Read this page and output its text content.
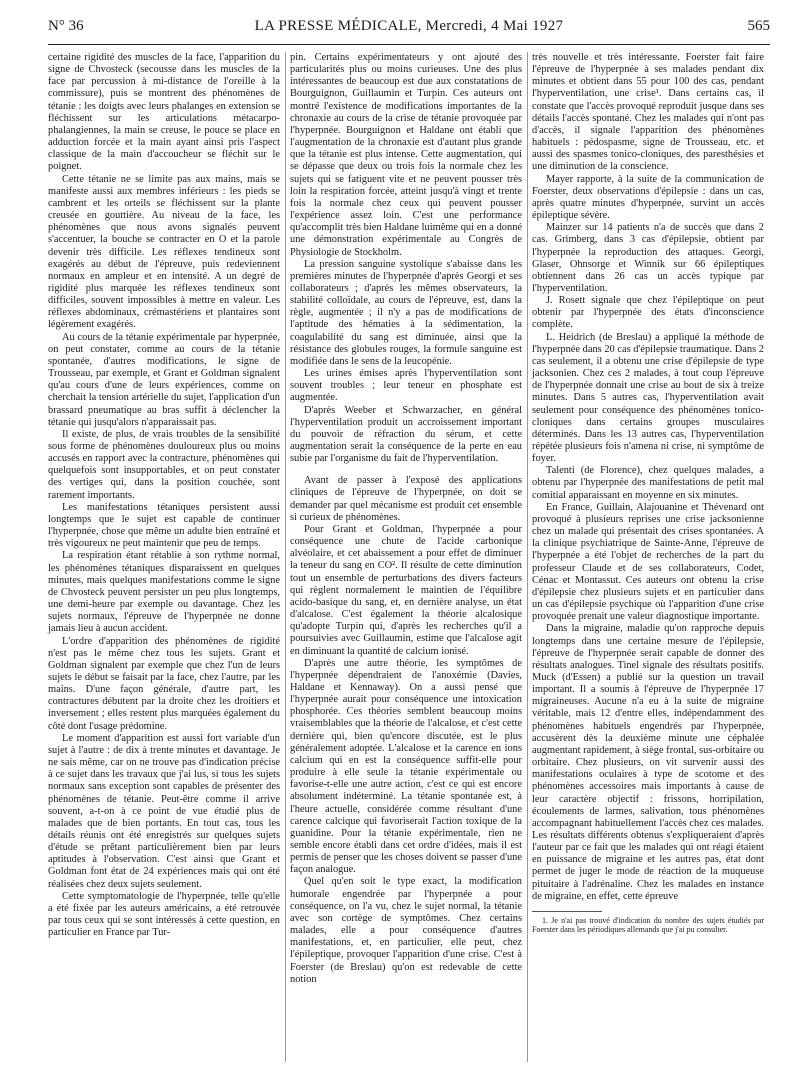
LA PRESSE MÉDICALE, Mercredi, 4 Mai 1927
N° 36	565

certaine rigidité des muscles de la face, l'apparition du signe de Chvosteck (secousse dans les muscles de la face par percussion à mi-distance de l'oreille à la commissure), puis se montrent des phénomènes de tétanie : les doigts avec leurs phalanges en extension se fléchissent sur les articulations métacarpo-phalangiennes, la main se creuse, le pouce se place en adduction forcée et la main ayant ainsi pris l'aspect classique de la main d'accoucheur se fléchit sur le poignet.

Cette tétanie ne se limite pas aux mains, mais se manifeste aussi aux membres inférieurs : les pieds se cambrent et les orteils se fléchissent sur la plante creusée en gouttière. Au niveau de la face, les phénomènes que nous avons signalés peuvent s'accentuer, la bouche se contracter en O et la parole devenir très difficile. Les réflexes tendineux sont exagérés au début de l'épreuve, puis redeviennent normaux en ampleur et en intensité. A un degré de rigidité plus marquée les réflexes tendineux sont difficiles, souvent impossibles à mettre en valeur. Les réflexes abdominaux, crémastériens et plantaires sont légèrement exagérés.

Au cours de la tétanie expérimentale par hyperpnée, on peut constater, comme au cours de la tétanie spontanée, d'autres modifications, le signe de Trousseau, par exemple, et Grant et Goldman signalent qu'au cours d'une de leurs expériences, comme on cherchait la tension artérielle du sujet, l'application d'un brassard pneumatique au bras suffit à déclencher la tétanie qui jusqu'alors n'apparaissait pas.

Il existe, de plus, de vrais troubles de la sensibilité sous forme de phénomènes douloureux plus ou moins accusés en rapport avec la contracture, phénomènes qui quelquefois sont insupportables, et on peut constater des vertiges qui, dans la position couchée, sont rarement importants.

Les manifestations tétaniques persistent aussi longtemps que le sujet est capable de continuer l'hyperpnée, chose que même un adulte bien entraîné et très vigoureux ne peut maintenir que peu de temps.

La respiration étant rétablie à son rythme normal, les phénomènes tétaniques disparaissent en quelques minutes, mais quelques manifestations comme le signe de Chvosteck peuvent persister un peu plus longtemps, une demi-heure par exemple ou davantage. Chez les sujets normaux, l'épreuve de l'hyperpnée ne donne jamais lieu à aucun accident.

L'ordre d'apparition des phénomènes de rigidité n'est pas le même chez tous les sujets. Grant et Goldman signalent par exemple que chez l'un de leurs sujets le début se faisait par la face, chez l'autre, par les mains. D'une façon générale, d'autre part, les contractures débutent par la droite chez les droitiers et inversement ; elles restent plus marquées également du côté dont l'usage prédomine.

Le moment d'apparition est aussi fort variable d'un sujet à l'autre : de dix à trente minutes et davantage. Je ne sais même, car on ne trouve pas d'indication précise à ce sujet dans les travaux que j'ai lus, si tous les sujets normaux sans exception sont capables de présenter des phénomènes de tétanie. Peut-être comme il arrive souvent, a-t-on à ce point de vue étudié plus de malades que de bien portants. En tout cas, tous les détails réunis ont été enregistrés sur quelques sujets d'étude se prêtant particulièrement bien par leurs aptitudes à l'observation. C'est ainsi que Grant et Goldman font état de 24 expériences mais qui ont été réalisées chez deux sujets seulement.

Cette symptomatologie de l'hyperpnée, telle qu'elle a été fixée par les auteurs américains, a été retrouvée par tous ceux qui se sont intéressés à cette question, en particulier en France par Tur-

pin. Certains expérimentateurs y ont ajouté des particularités plus ou moins curieuses. Une des plus intéressantes de beaucoup est due aux constatations de Bourguignon, Guillaumin et Turpin. Ces auteurs ont montré l'existence de modifications importantes de la chronaxie au cours de la crise de tétanie provoquée par l'hyperpnée. Bourguignon et Haldane ont établi que l'augmentation de la chronaxie est d'autant plus grande que la tétanie est plus intense. Cette augmentation, qui se dépasse que deux ou trois fois la normale chez les sujets qui se fatiguent vite et ne peuvent pousser très loin la respiration forcée, atteint jusqu'à vingt et trente fois la normale chez ceux qui peuvent pousser l'expérience assez loin. C'est une performance qu'accomplit très bien Haldane luimême qui en a donné une démonstration expérimentale au Congrès de Physiologie de Stockholm.

La pression sanguine systolique s'abaisse dans les premières minutes de l'hyperpnée d'après Georgi et ses collaborateurs ; d'après les mêmes observateurs, la stabilité colloïdale, au cours de l'épreuve, est, dans la règle, augmentée ; il n'y a pas de modifications de l'aptitude des hématies à la sédimentation, la coagulabilité du sang est diminuée, ainsi que la résistance des globules rouges, la formule sanguine est modifiée dans le sens de la leucopénie.

Les urines émises après l'hyperventilation sont souvent troubles ; leur teneur en phosphate est augmentée.

D'après Weeber et Schwarzacher, en général l'hyperventilation produit un accroissement important du pouvoir de réfraction du sérum, et cette augmentation serait la conséquence de la perte en eau subie par l'organisme du fait de l'hyperventilation.

Avant de passer à l'exposé des applications cliniques de l'épreuve de l'hyperpnée, on doit se demander par quel mécanisme est produit cet ensemble si curieux de phénomènes.

Pour Grant et Goldman, l'hyperpnée a pour conséquence une chute de l'acide carbonique alvéolaire, et cet abaissement a pour effet de diminuer la teneur du sang en CO². Il résulte de cette diminution tout un ensemble de perturbations des divers facteurs qui règlent normalement le maintien de l'équilibre acido-basique du sang, et, en dernière analyse, un état d'alcalose. C'est également la théorie alcalosique qu'adopte Turpin qui, d'après les recherches qu'il a poursuivies avec Guillaumin, estime que l'alcalose agit en diminuant la quantité de calcium ionisé.

D'après une autre théorie, les symptômes de l'hyperpnée dépendraient de l'anoxémie (Davies, Haldane et Kennaway). On a aussi pensé que l'hyperpnée aurait pour conséquence une intoxication phosphorée. Ces théories semblent beaucoup moins vraisemblables que la théorie de l'alcalose, et c'est cette dernière qui, bien qu'encore discutée, est le plus généralement adoptée. L'alcalose et la carence en ions calcium qui en est la conséquence suffit-elle pour produire à elle seule la tétanie expérimentale ou favorise-t-elle une autre action, c'est ce qui est encore absolument indéterminé. La tétanie spontanée est, à l'heure actuelle, considérée comme résultant d'une carence calcique qui favoriserait l'action toxique de la guanidine. Pour la tétanie expérimentale, rien ne semble encore établi dans cet ordre d'idées, mais il est permis de penser que les choses doivent se passer d'une façon analogue.

Quel qu'en soit le type exact, la modification humorale engendrée par l'hyperpnée a pour conséquence, on l'a vu, chez le sujet normal, la tétanie avec son cortège de symptômes. Chez certains malades, elle a pour conséquence d'autres manifestations, et, en particulier, elle peut, chez l'épileptique, provoquer l'apparition d'une crise. C'est à Foerster (de Breslau) qu'on est redevable de cette notion

très nouvelle et très intéressante. Foerster fait faire l'épreuve de l'hyperpnée à ses malades pendant dix minutes et obtient dans 55 pour 100 des cas, pendant l'hyperventilation, une crise¹. Dans certains cas, il constate que l'accès provoqué reproduit jusque dans ses détails l'accès spontané. Chez les malades qui n'ont pas d'accès, il signale l'apparition des phénomènes habituels : pédospasme, signe de Trousseau, etc. et aussi des spasmes tonico-cloniques, des paresthésies et une diminution de la conscience.

Mayer rapporte, à la suite de la communication de Foerster, deux observations d'épilepsie : dans un cas, après quatre minutes d'hyperpnée, survint un accès épileptique sévère.

Mainzer sur 14 patients n'a de succès que dans 2 cas. Grimberg, dans 3 cas d'épilepsie, obtient par l'hyperpnée la reproduction des attaques. Georgi, Glaser, Ohnsorge et Winnik sur 66 épileptiques obtiennent dans 26 cas un accès typique par l'hyperventilation.

J. Rosett signale que chez l'épileptique on peut obtenir par l'hyperpnée des états d'inconscience complète.

L. Heidrich (de Breslau) a appliqué la méthode de l'hyperpnée dans 20 cas d'épilepsie traumatique. Dans 2 cas seulement, il a obtenu une crise d'épilepsie de type jacksonien. Chez ces 2 malades, à tout coup l'épreuve de l'hyperpnée donnait une crise au bout de six à treize minutes. Dans 5 autres cas, l'hyperventilation avait seulement pour conséquence des phénomènes tonico-cloniques dans certains groupes musculaires déterminés. Dans les 13 autres cas, l'hyperventilation répétée plusieurs fois n'amena ni crise, ni symptôme de foyer.

Talenti (de Florence), chez quelques malades, a obtenu par l'hyperpnée des manifestations de petit mal comitial apparaissant en moyenne en six minutes.

En France, Guillain, Alajouanine et Thévenard ont provoqué à plusieurs reprises une crise jacksonienne chez un malade qui présentait des crises spontanées. A la clinique psychiatrique de Sainte-Anne, l'épreuve de l'hyperpnée a été l'objet de recherches de la part du professeur Claude et de ses collaborateurs, Codet, Cénac et Montassut. Ces auteurs ont obtenu la crise d'épilepsie chez plusieurs sujets et en particulier dans un cas d'épilepsie psychique où l'apparition d'une crise provoquée prenait une valeur diagnostique importante.

Dans la migraine, maladie qu'on rapproche depuis longtemps dans une certaine mesure de l'épilepsie, l'épreuve de l'hyperpnée serait capable de donner des résultats analogues. Tinel signale des résultats positifs. Muck (d'Essen) a publié sur la question un travail important. Il a soumis à l'épreuve de l'hyperpnée 17 migraineuses. Aucune n'a eu à la suite de migraine véritable, mais 12 d'entre elles, indépendamment des phénomènes habituels engendrés par l'hyperpnée, accusèrent dès la deuxième minute une céphalée augmentant rapidement, à siège frontal, sus-orbitaire ou orbitaire. Chez plusieurs, on vit survenir aussi des manifestations oculaires à type de scotome et des phénomènes accessoires mais importants à cause de leur caractère objectif : frissons, horripilation, écoulements de larmes, salivation, tous phénomènes accompagnant habituellement l'accès chez ces malades. Les résultats différents obtenus s'expliqueraient d'après l'auteur par ce fait que les malades qui ont réagi étaient en puissance de migraine et les autres pas, état dont permet de juger le mode de réaction de la muqueuse pituitaire à l'adrénaline. Chez les malades en instance de migraine, en effet, cette épreuve

1. Je n'ai pas trouvé d'indication du nombre des sujets étudiés par Foerster dans les périodiques allemands que j'ai pu consulter.
